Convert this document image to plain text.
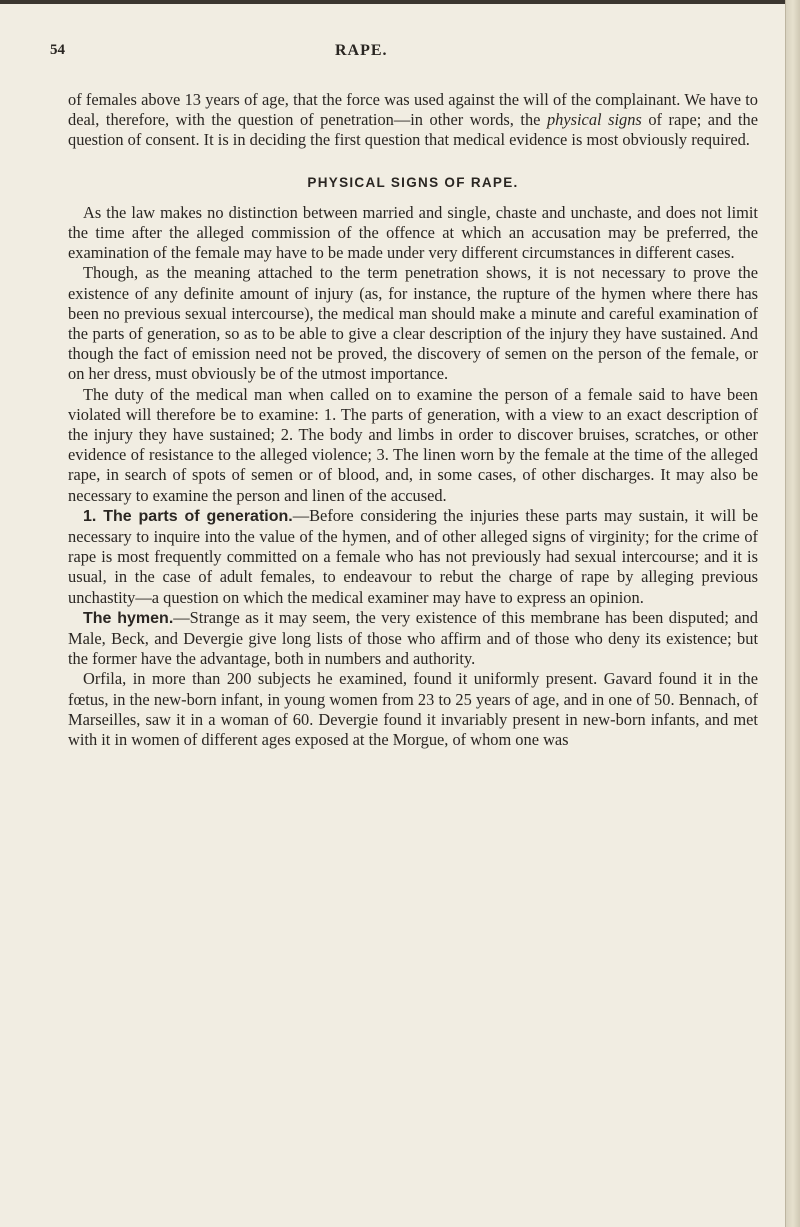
54	RAPE.

of females above 13 years of age, that the force was used against the will of the complainant. We have to deal, therefore, with the question of penetration—in other words, the physical signs of rape; and the question of consent. It is in deciding the first question that medical evidence is most obviously required.

PHYSICAL SIGNS OF RAPE.

As the law makes no distinction between married and single, chaste and unchaste, and does not limit the time after the alleged commission of the offence at which an accusation may be preferred, the examination of the female may have to be made under very different circumstances in different cases.

Though, as the meaning attached to the term penetration shows, it is not necessary to prove the existence of any definite amount of injury (as, for instance, the rupture of the hymen where there has been no previous sexual intercourse), the medical man should make a minute and careful examination of the parts of generation, so as to be able to give a clear description of the injury they have sustained. And though the fact of emission need not be proved, the discovery of semen on the person of the female, or on her dress, must obviously be of the utmost importance.

The duty of the medical man when called on to examine the person of a female said to have been violated will therefore be to examine: 1. The parts of generation, with a view to an exact description of the injury they have sustained; 2. The body and limbs in order to discover bruises, scratches, or other evidence of resistance to the alleged violence; 3. The linen worn by the female at the time of the alleged rape, in search of spots of semen or of blood, and, in some cases, of other discharges. It may also be necessary to examine the person and linen of the accused.

1. The parts of generation.—Before considering the injuries these parts may sustain, it will be necessary to inquire into the value of the hymen, and of other alleged signs of virginity; for the crime of rape is most frequently committed on a female who has not previously had sexual intercourse; and it is usual, in the case of adult females, to endeavour to rebut the charge of rape by alleging previous unchastity—a question on which the medical examiner may have to express an opinion.

The hymen.—Strange as it may seem, the very existence of this membrane has been disputed; and Male, Beck, and Devergie give long lists of those who affirm and of those who deny its existence; but the former have the advantage, both in numbers and authority.

Orfila, in more than 200 subjects he examined, found it uniformly present. Gavard found it in the fœtus, in the new-born infant, in young women from 23 to 25 years of age, and in one of 50. Bennach, of Marseilles, saw it in a woman of 60. Devergie found it invariably present in new-born infants, and met with it in women of different ages exposed at the Morgue, of whom one was
